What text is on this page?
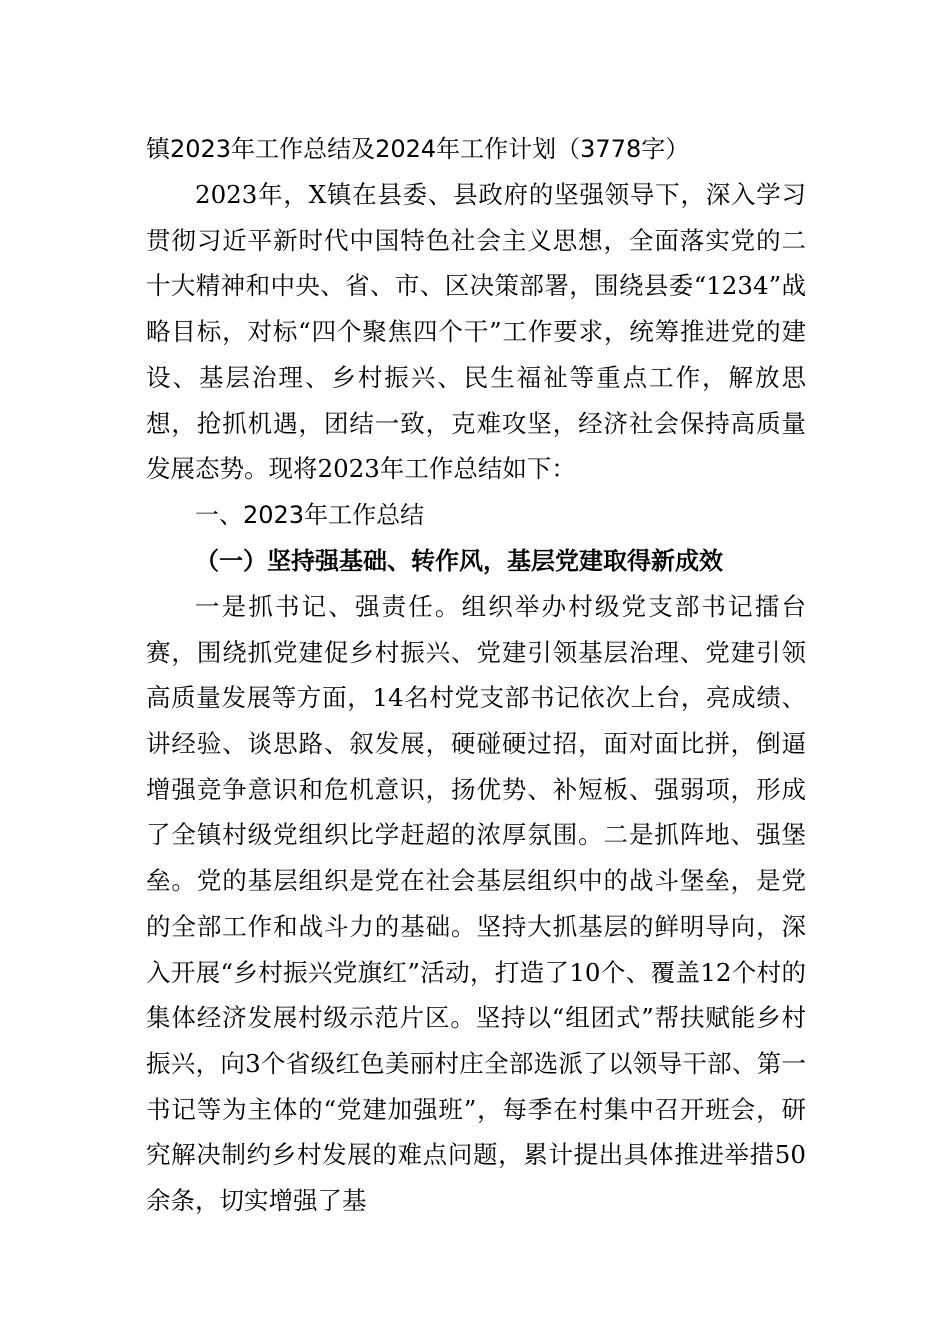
镇2023年工作总结及2024年工作计划（3778字）

2023年，X镇在县委、县政府的坚强领导下，深入学习贯彻习近平新时代中国特色社会主义思想，全面落实党的二十大精神和中央、省、市、区决策部署，围绕县委“1234”战略目标，对标“四个聚焦四个干”工作要求，统筹推进党的建设、基层治理、乡村振兴、民生福祉等重点工作，解放思想，抢抓机遇，团结一致，克难攻坚，经济社会保持高质量发展态势。现将2023年工作总结如下：

一、2023年工作总结
（一）坚持强基础、转作风，基层党建取得新成效

一是抓书记、强责任。组织举办村级党支部书记擂台赛，围绕抓党建促乡村振兴、党建引领基层治理、党建引领高质量发展等方面，14名村党支部书记依次上台，亮成绩、讲经验、谈思路、叙发展，硬碰硬过招，面对面比拼，倒逼增强竞争意识和危机意识，扬优势、补短板、强弱项，形成了全镇村级党组织比学赶超的浓厚氛围。二是抓阵地、强堡垒。党的基层组织是党在社会基层组织中的战斗堡垒，是党的全部工作和战斗力的基础。坚持大抓基层的鲜明导向，深入开展“乡村振兴党旗红”活动，打造了10个、覆盖12个村的集体经济发展村级示范片区。坚持以“组团式”帮扶赋能乡村振兴，向3个省级红色美丽村庄全部选派了以领导干部、第一书记等为主体的“党建加强班”，每季在村集中召开班会，研究解决制约乡村发展的难点问题，累计提出具体推进举措50余条，切实增强了基
